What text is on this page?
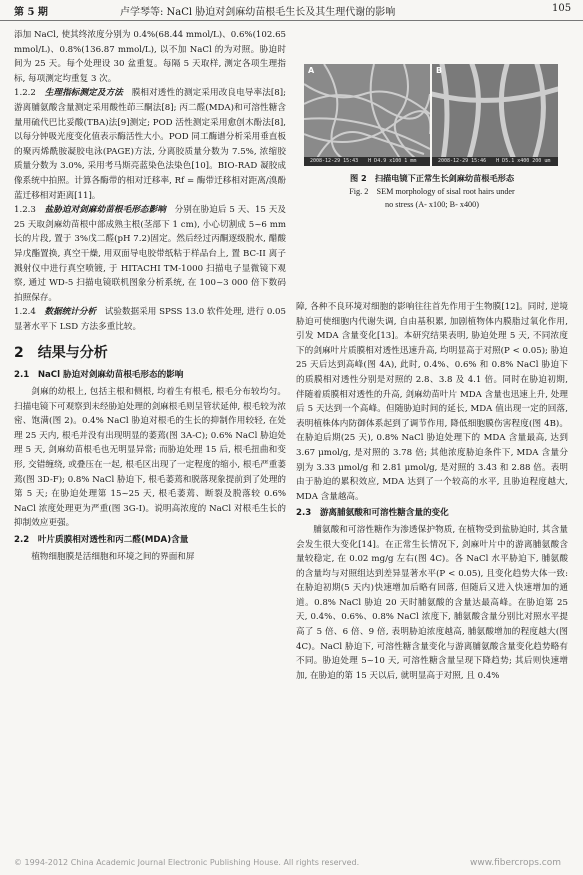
第 5 期	卢学琴等: NaCl 胁迫对剑麻幼苗根毛生长及其生理代谢的影响	105

添加 NaCl, 使其终浓度分别为 0.4%(68.44 mmol/L)、0.6%(102.65 mmol/L)、0.8%(136.87 mmol/L), 以不加 NaCl 的为对照。胁迫时间为 25 天。每个处理设 30 盆重复。每隔 5 天取样, 测定各项生理指标, 每项测定均重复 3 次。

1.2.2　 生理指标测定及方法　 膜相对透性的测定采用改良电导率法[8]; 游离脯氨酸含量测定采用酸性茚三酮法[8]; 丙二醛(MDA)和可溶性糖含量用硫代巴比妥酸(TBA)法[9]测定; POD 活性测定采用愈创木酚法[8], 以每分钟吸光度变化值表示酶活性大小。POD 同工酶谱分析采用垂直板的聚丙烯酰胺凝胶电泳(PAGE)方法, 分离胶质量分数为 7.5%, 浓缩胶质量分数为 3.0%, 采用考马斯亮蓝染色法染色[10]。BIO-RAD 凝胶成像系统中拍照。计算各酶带的相对迁移率, Rf = 酶带迁移相对距离/溴酚蓝迁移相对距离[11]。

1.2.3　 盐胁迫对剑麻幼苗根毛形态影响　 分别在胁迫后 5 天、15 天及 25 天取剑麻幼苗根中部成熟主根(茎部下 1 cm), 小心切割成 5~6 mm 长的片段, 置于 3%戊二醛(pH 7.2)固定。然后经过丙酮逐级脱水, 醋酸异戊酯置换, 真空干燥, 用双面导电胶带纸粘于样品台上, 置 BC-II 离子溅射仪中进行真空喷镀, 于 HITACHI TM-1000 扫描电子显微镜下观察, 通过 WD-5 扫描电镜联机图象分析系统, 在 100~3 000 倍下数码拍照保存。

1.2.4　 数据统计分析　 试验数据采用 SPSS 13.0 软件处理, 进行 0.05 显著水平下 LSD 方法多重比较。

2　 结果与分析
2.1　NaCl 胁迫对剑麻幼苗根毛形态的影响

剑麻的幼根上, 包括主根和侧根, 均着生有根毛, 根毛分布较均匀。扫描电镜下可观察到未经胁迫处理的剑麻根毛则呈管状延伸, 根毛较为浓密、饱满(图 2)。0.4% NaCl 胁迫对根毛的生长的抑制作用较轻, 在处理 25 天内, 根毛并没有出现明显的萎蔫(图 3A-C); 0.6% NaCl 胁迫处理 5 天, 剑麻幼苗根毛也无明显异常; 而胁迫处理 15 后, 根毛扭曲和变形, 交错缠绕, 或叠压在一起, 根毛区出现了一定程度的缩小, 根毛严重萎蔫(图 3D-F); 0.8% NaCl 胁迫下, 根毛萎蔫和脱落现象提前到了处理的第 5 天; 在胁迫处理第 15~25 天, 根毛萎蔫、断裂及脱落较 0.6% NaCl 浓度处理更为严重(图 3G-I)。说明高浓度的 NaCl 对根毛生长的抑制效应更强。

2.2　叶片质膜相对透性和丙二醛(MDA)含量

植物细胞膜是活细胞和环境之间的界面和屏

A
2008-12-29 15:43　　H D4.9 x100 1 mm
B
2008-12-29 15:46　　H D5.1 x400 200 um
图 2　扫描电镜下正常生长剑麻幼苗根毛形态
Fig. 2　SEM morphology of sisal root hairs under
no stress (A- x100; B- x400)

障, 各种不良环境对细胞的影响往往首先作用于生物膜[12]。同时, 逆境胁迫可使细胞内代谢失调, 自由基积累, 加剧植物体内膜脂过氧化作用, 引发 MDA 含量变化[13]。本研究结果表明, 胁迫处理 5 天, 不同浓度下的剑麻叶片质膜相对透性迅速升高, 均明显高于对照(P < 0.05); 胁迫 25 天后达到高峰(图 4A), 此时, 0.4%、0.6% 和 0.8% NaCl 胁迫下的质膜相对透性分别是对照的 2.8、3.8 及 4.1 倍。同时在胁迫初期, 伴随着质膜相对透性的升高, 剑麻幼苗叶片 MDA 含量也迅速上升, 处理后 5 天达到一个高峰。但随胁迫时间的延长, MDA 值出现一定的回落, 表明植株体内防御体系起到了调节作用, 降低细胞膜伤害程度(图 4B)。在胁迫后期(25 天), 0.8% NaCl 胁迫处理下的 MDA 含量最高, 达到 3.67 μmol/g, 是对照的 3.78 倍; 其他浓度胁迫条件下, MDA 含量分别为 3.33 μmol/g 和 2.81 μmol/g, 是对照的 3.43 和 2.88 倍。表明由于胁迫的累积效应, MDA 达到了一个较高的水平, 且胁迫程度越大, MDA 含量越高。

2.3　游离脯氨酸和可溶性糖含量的变化

脯氨酸和可溶性糖作为渗透保护物质, 在植物受到盐胁迫时, 其含量会发生很大变化[14]。在正常生长情况下, 剑麻叶片中的游离脯氨酸含量较稳定, 在 0.02 mg/g 左右(图 4C)。各 NaCl 水平胁迫下, 脯氨酸的含量均与对照组达到差异显著水平(P < 0.05), 且变化趋势大体一致: 在胁迫初期(5 天内)快速增加后略有回落, 但随后又进入快速增加的通道。0.8% NaCl 胁迫 20 天时脯氨酸的含量达最高峰。在胁迫第 25 天, 0.4%、0.6%、0.8% NaCl 浓度下, 脯氨酸含量分别比对照水平提高了 5 倍、6 倍、9 倍, 表明胁迫浓度越高, 脯氨酸增加的程度越大(图 4C)。NaCl 胁迫下, 可溶性糖含量变化与游离脯氨酸含量变化趋势略有不同。胁迫处理 5~10 天, 可溶性糖含量呈现下降趋势; 其后则快速增加, 在胁迫的第 15 天以后, 就明显高于对照, 且 0.4%

© 1994-2012 China Academic Journal Electronic Publishing House. All rights reserved.	www.fibercrops.com
